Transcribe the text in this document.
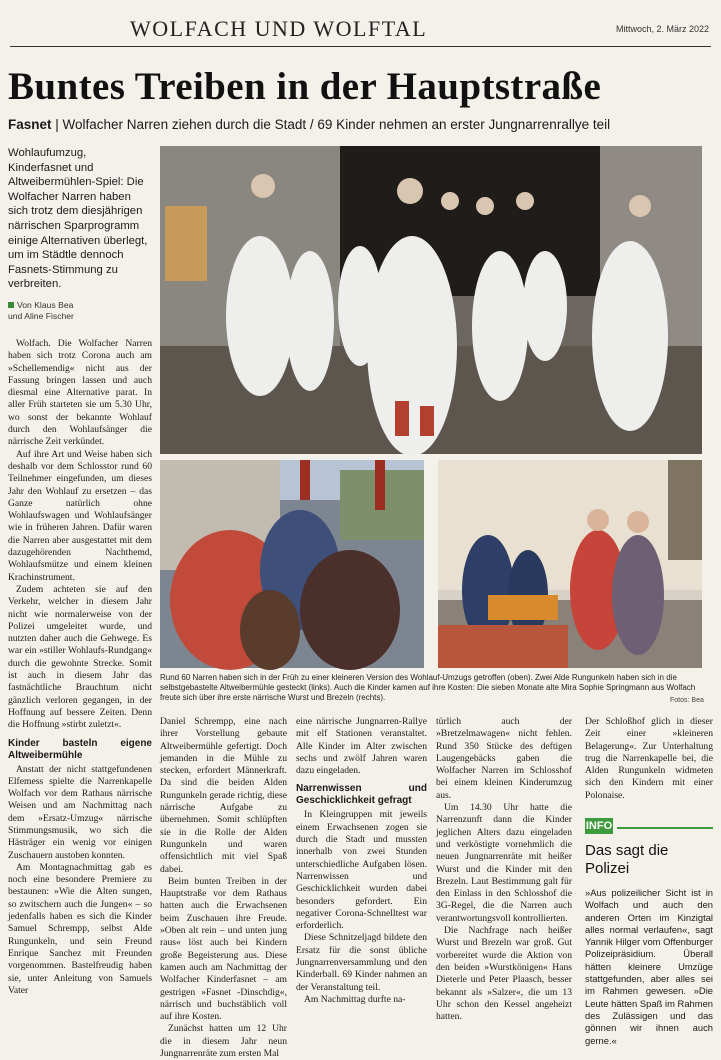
WOLFACH UND WOLFTAL	Mittwoch, 2. März 2022
Buntes Treiben in der Hauptstraße
Fasnet | Wolfacher Narren ziehen durch die Stadt / 69 Kinder nehmen an erster Jungnarrenrallye teil
Wohlaufumzug, Kinderfasnet und Altweibermühlen-Spiel: Die Wolfacher Narren haben sich trotz dem diesjährigen närrischen Sparprogramm einige Alternativen überlegt, um im Städtle dennoch Fasnets-Stimmung zu verbreiten.
Von Klaus Bea
und Aline Fischer

Wolfach. Die Wolfacher Narren haben sich trotz Corona auch am »Schellemendig« nicht aus der Fassung bringen lassen und auch diesmal eine Alternative parat. In aller Früh starteten sie um 5.30 Uhr, wo sonst der bekannte Wohlauf durch den Wohlaufsänger die närrische Zeit verkündet.

Auf ihre Art und Weise haben sich deshalb vor dem Schlosstor rund 60 Teilnehmer eingefunden, um dieses Jahr den Wohlauf zu ersetzen – das Ganze natürlich ohne Wohlaufswagen und Wohlaufsänger wie in früheren Jahren. Dafür waren die Narren aber ausgestattet mit dem dazugehörenden Nachthemd, Wohlaufsmütze und einem kleinen Krachinstrument.

Zudem achteten sie auf den Verkehr, welcher in diesem Jahr nicht wie normalerweise von der Polizei umgeleitet wurde, und nutzten daher auch die Gehwege. Es war ein »stiller Wohlaufs-Rundgang« durch die gewohnte Strecke. Somit ist auch in diesem Jahr das fastnächtliche Brauchtum nicht gänzlich verloren gegangen, in der Hoffnung auf bessere Zeiten. Denn die Hoffnung »stirbt zuletzt«.

Kinder basteln eigene Altweibermühle

Anstatt der nicht stattgefundenen Elfemess spielte die Narrenkapelle Wolfach vor dem Rathaus närrische Weisen und am Nachmittag nach dem »Ersatz-Umzug« närrische Stimmungsmusik, wo sich die Hästräger ein wenig vor einigen Zuschauern austoben konnten.

Am Montagnachmittag gab es noch eine besondere Premiere zu bestaunen: »Wie die Alten sungen, so zwitschern auch die Jungen« – so jedenfalls haben es sich die Kinder Samuel Schrempp, selbst Alde Rungunkeln, und sein Freund Enrique Sanchez mit Freunden vorgenommen. Bastelfreudig haben sie, unter Anleitung von Samuels Vater

Rund 60 Narren haben sich in der Früh zu einer kleineren Version des Wohlauf-Umzugs getroffen (oben). Zwei Alde Rungunkeln haben sich in die selbstgebastelte Altweibermühle gesteckt (links). Auch die Kinder kamen auf ihre Kosten: Die sieben Monate alte Mira Sophie Springmann aus Wolfach freute sich über ihre erste närrische Wurst und Brezeln (rechts).	Fotos: Bea

Daniel Schrempp, eine nach ihrer Vorstellung gebaute Altweibermühle gefertigt. Doch jemanden in die Mühle zu stecken, erfordert Männerkraft. Da sind die beiden Alden Rungunkeln gerade richtig, diese närrische Aufgabe zu übernehmen. Somit schlüpften sie in die Rolle der Alden Rungunkeln und waren offensichtlich mit viel Spaß dabei.

Beim bunten Treiben in der Hauptstraße vor dem Rathaus hatten auch die Erwachsenen beim Zuschauen ihre Freude. »Oben alt rein – und unten jung raus« löst auch bei Kindern große Begeisterung aus. Diese kamen auch am Nachmittag der Wolfacher Kinderfasnet – am gestrigen »Fasnet -Dinschdig«, närrisch und buchstäblich voll auf ihre Kosten.

Zunächst hatten um 12 Uhr die in diesem Jahr neun Jungnarrenräte zum ersten Mal

eine närrische Jungnarren-Rallye mit elf Stationen veranstaltet. Alle Kinder im Alter zwischen sechs und zwölf Jahren waren dazu eingeladen.

Narrenwissen und Geschicklichkeit gefragt

In Kleingruppen mit jeweils einem Erwachsenen zogen sie durch die Stadt und mussten innerhalb von zwei Stunden unterschiedliche Aufgaben lösen. Narrenwissen und Geschicklichkeit wurden dabei besonders gefordert. Ein negativer Corona-Schnelltest war erforderlich.

Diese Schnitzeljagd bildete den Ersatz für die sonst übliche Jungnarrenversammlung und den Kinderball. 69 Kinder nahmen an der Veranstaltung teil.

Am Nachmittag durfte na-

türlich auch der »Bretzelmawagen« nicht fehlen. Rund 350 Stücke des deftigen Laugengebäcks gaben die Wolfacher Narren im Schlosshof bei einem kleinen Kinderumzug aus.

Um 14.30 Uhr hatte die Narrenzunft dann die Kinder jeglichen Alters dazu eingeladen und verköstigte vornehmlich die neuen Jungnarrenräte mit heißer Wurst und die Kinder mit den Brezeln. Laut Bestimmung galt für den Einlass in den Schlosshof die 3G-Regel, die die Narren auch verantwortungsvoll kontrollierten.

Die Nachfrage nach heißer Wurst und Brezeln war groß. Gut vorbereitet wurde die Aktion von den beiden »Wurstkönigen« Hans Dieterle und Peter Plaasch, besser bekannt als »Salzer«, die um 13 Uhr schon den Kessel angeheizt hatten.

Der Schloßhof glich in dieser Zeit einer »kleineren Belagerung«. Zur Unterhaltung trug die Narrenkapelle bei, die Alden Rungunkeln widmeten sich den Kindern mit einer Polonaise.

INFO
Das sagt die Polizei
»Aus polizeilicher Sicht ist in Wolfach und auch den anderen Orten im Kinzigtal alles normal verlaufen«, sagt Yannik Hilger vom Offenburger Polizeipräsidium. Überall hätten kleinere Umzüge stattgefunden, aber alles sei im Rahmen gewesen. »Die Leute hätten Spaß im Rahmen des Zulässigen und das gönnen wir ihnen auch gerne.«
